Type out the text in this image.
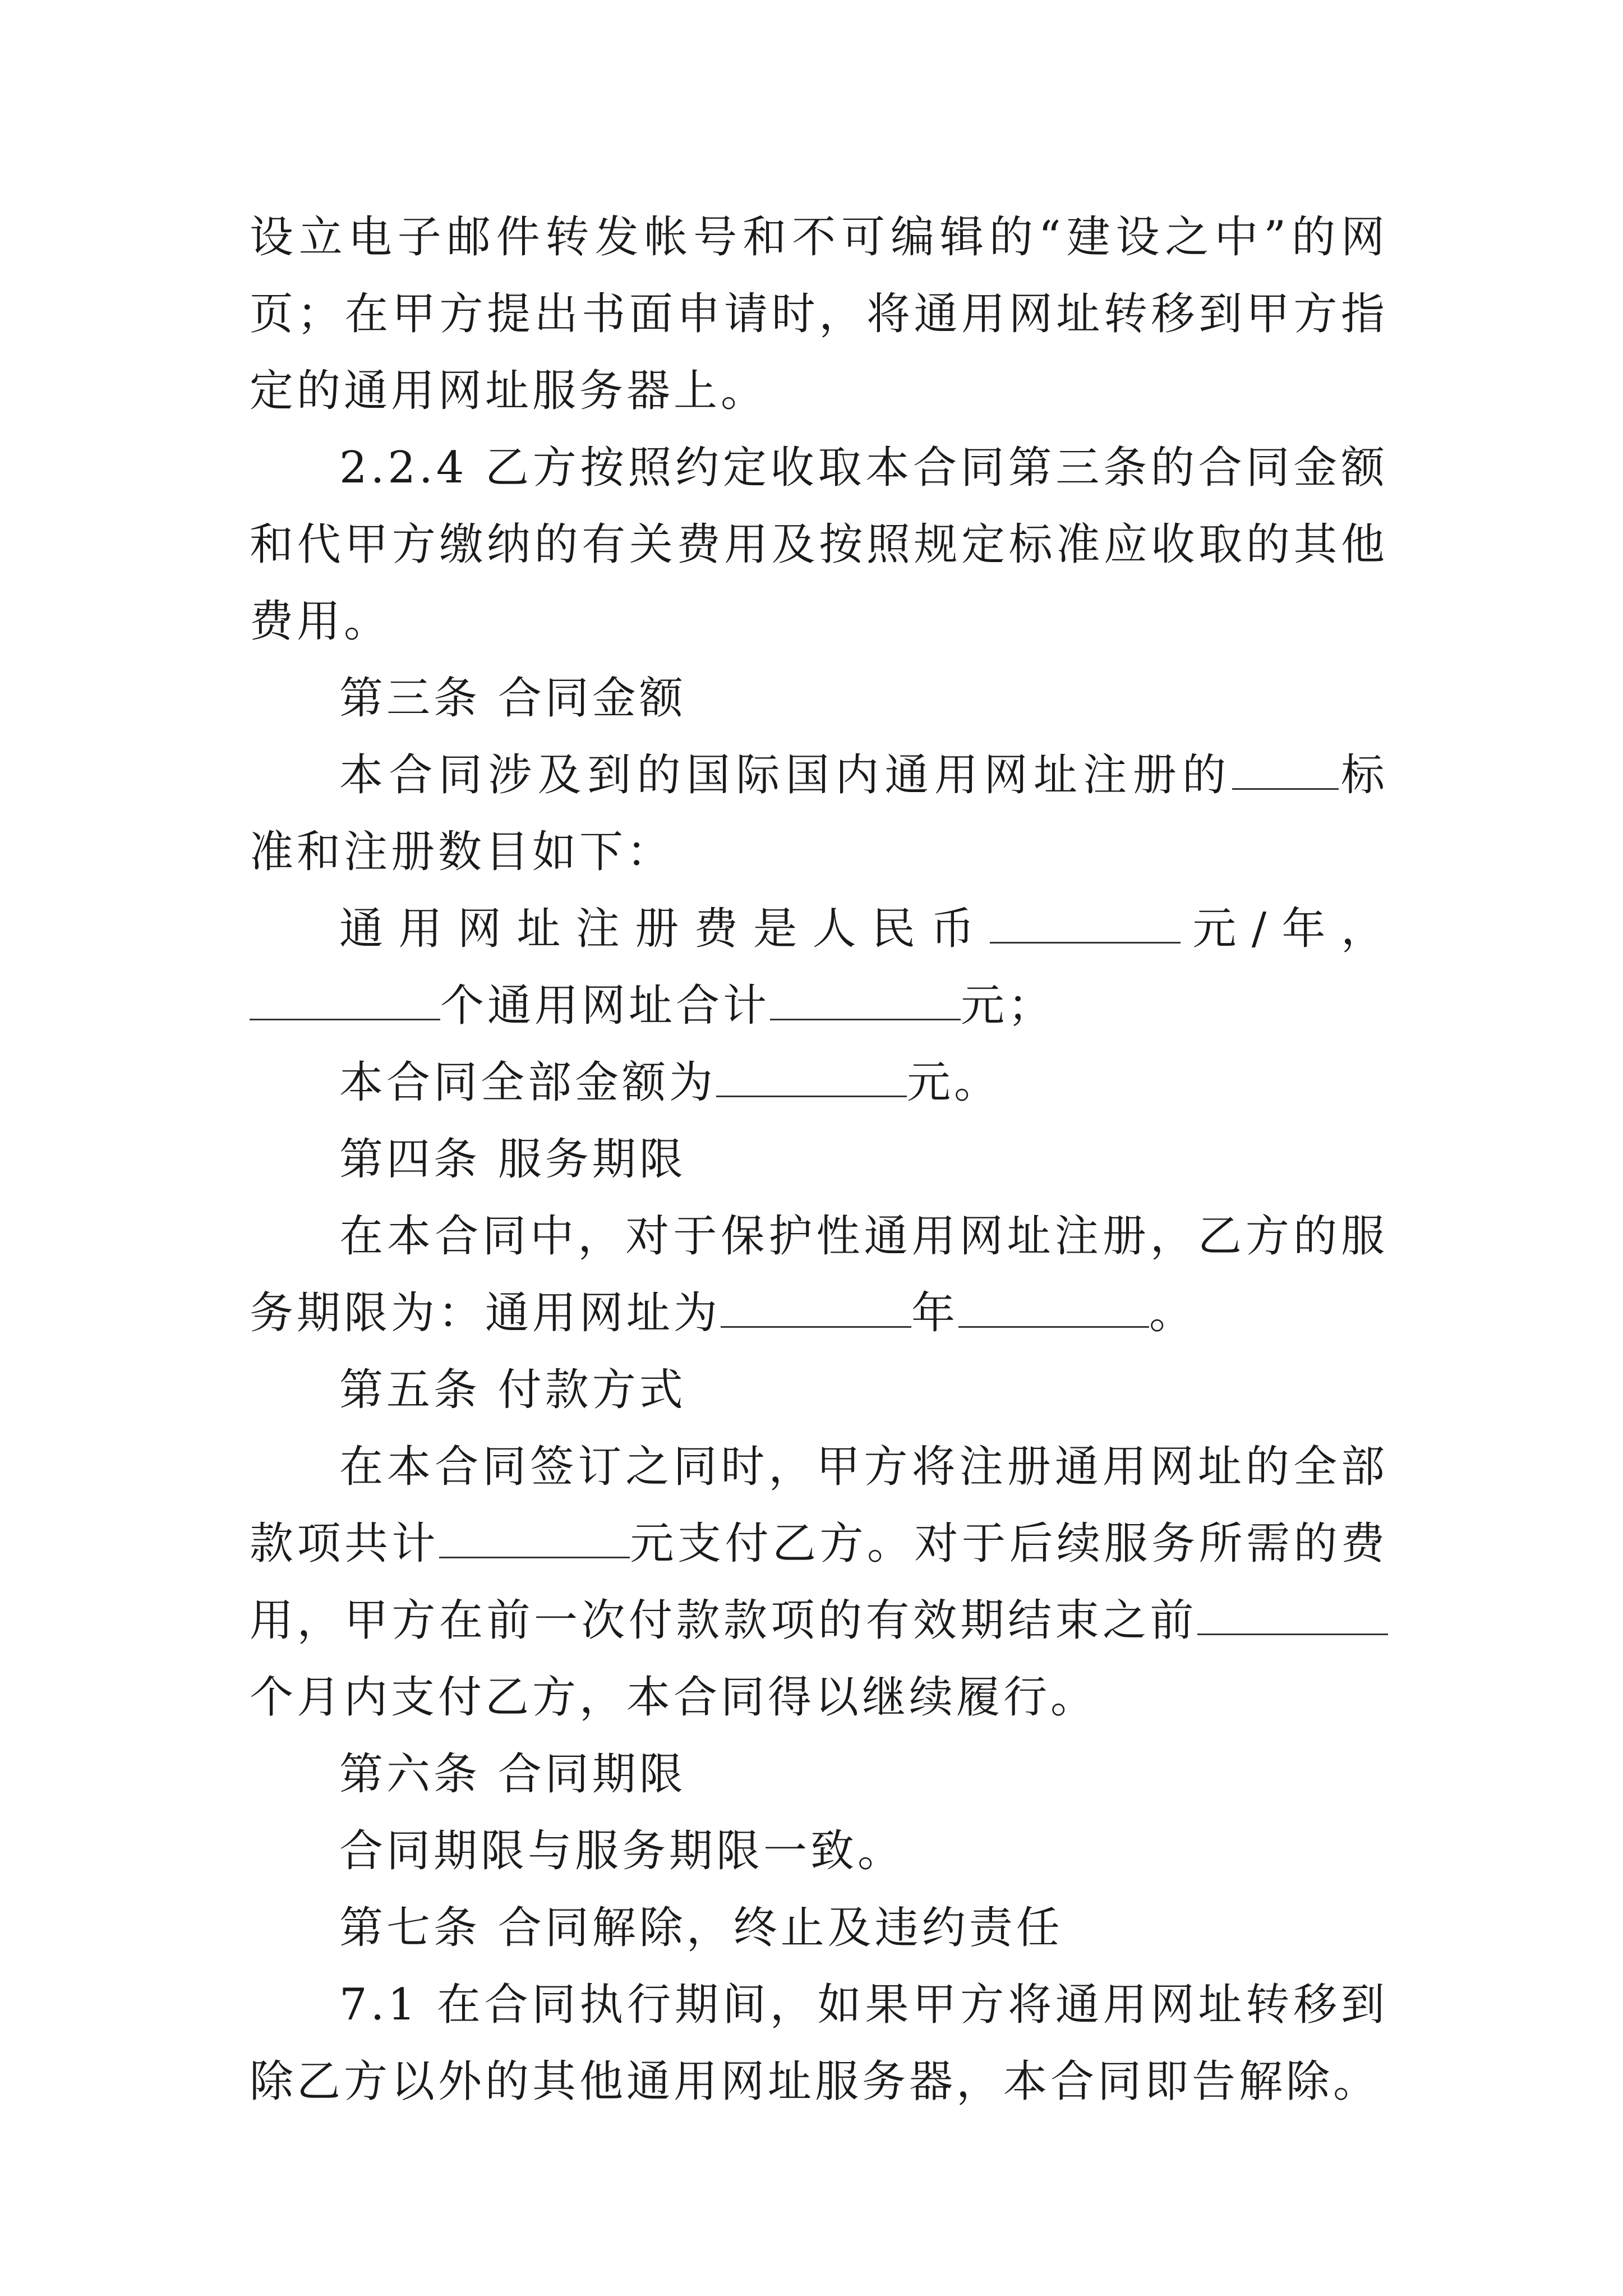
设立电子邮件转发帐号和不可编辑的“建设之中”的网页；在甲方提出书面申请时，将通用网址转移到甲方指定的通用网址服务器上。

2.2.4 乙方按照约定收取本合同第三条的合同金额和代甲方缴纳的有关费用及按照规定标准应收取的其他费用。

第三条 合同金额

本合同涉及到的国际国内通用网址注册的 标准和注册数目如下：

通用网址注册费是人民币	元/年，个通用网址合计	元；

本合同全部金额为	元。

第四条 服务期限

在本合同中，对于保护性通用网址注册，乙方的服务期限为：通用网址为	年	。

第五条 付款方式

在本合同签订之同时，甲方将注册通用网址的全部款项共计	元支付乙方。对于后续服务所需的费用，甲方在前一次付款款项的有效期结束之前个月内支付乙方，本合同得以继续履行。

第六条 合同期限

合同期限与服务期限一致。

第七条 合同解除，终止及违约责任

7.1 在合同执行期间，如果甲方将通用网址转移到除乙方以外的其他通用网址服务器，本合同即告解除。
